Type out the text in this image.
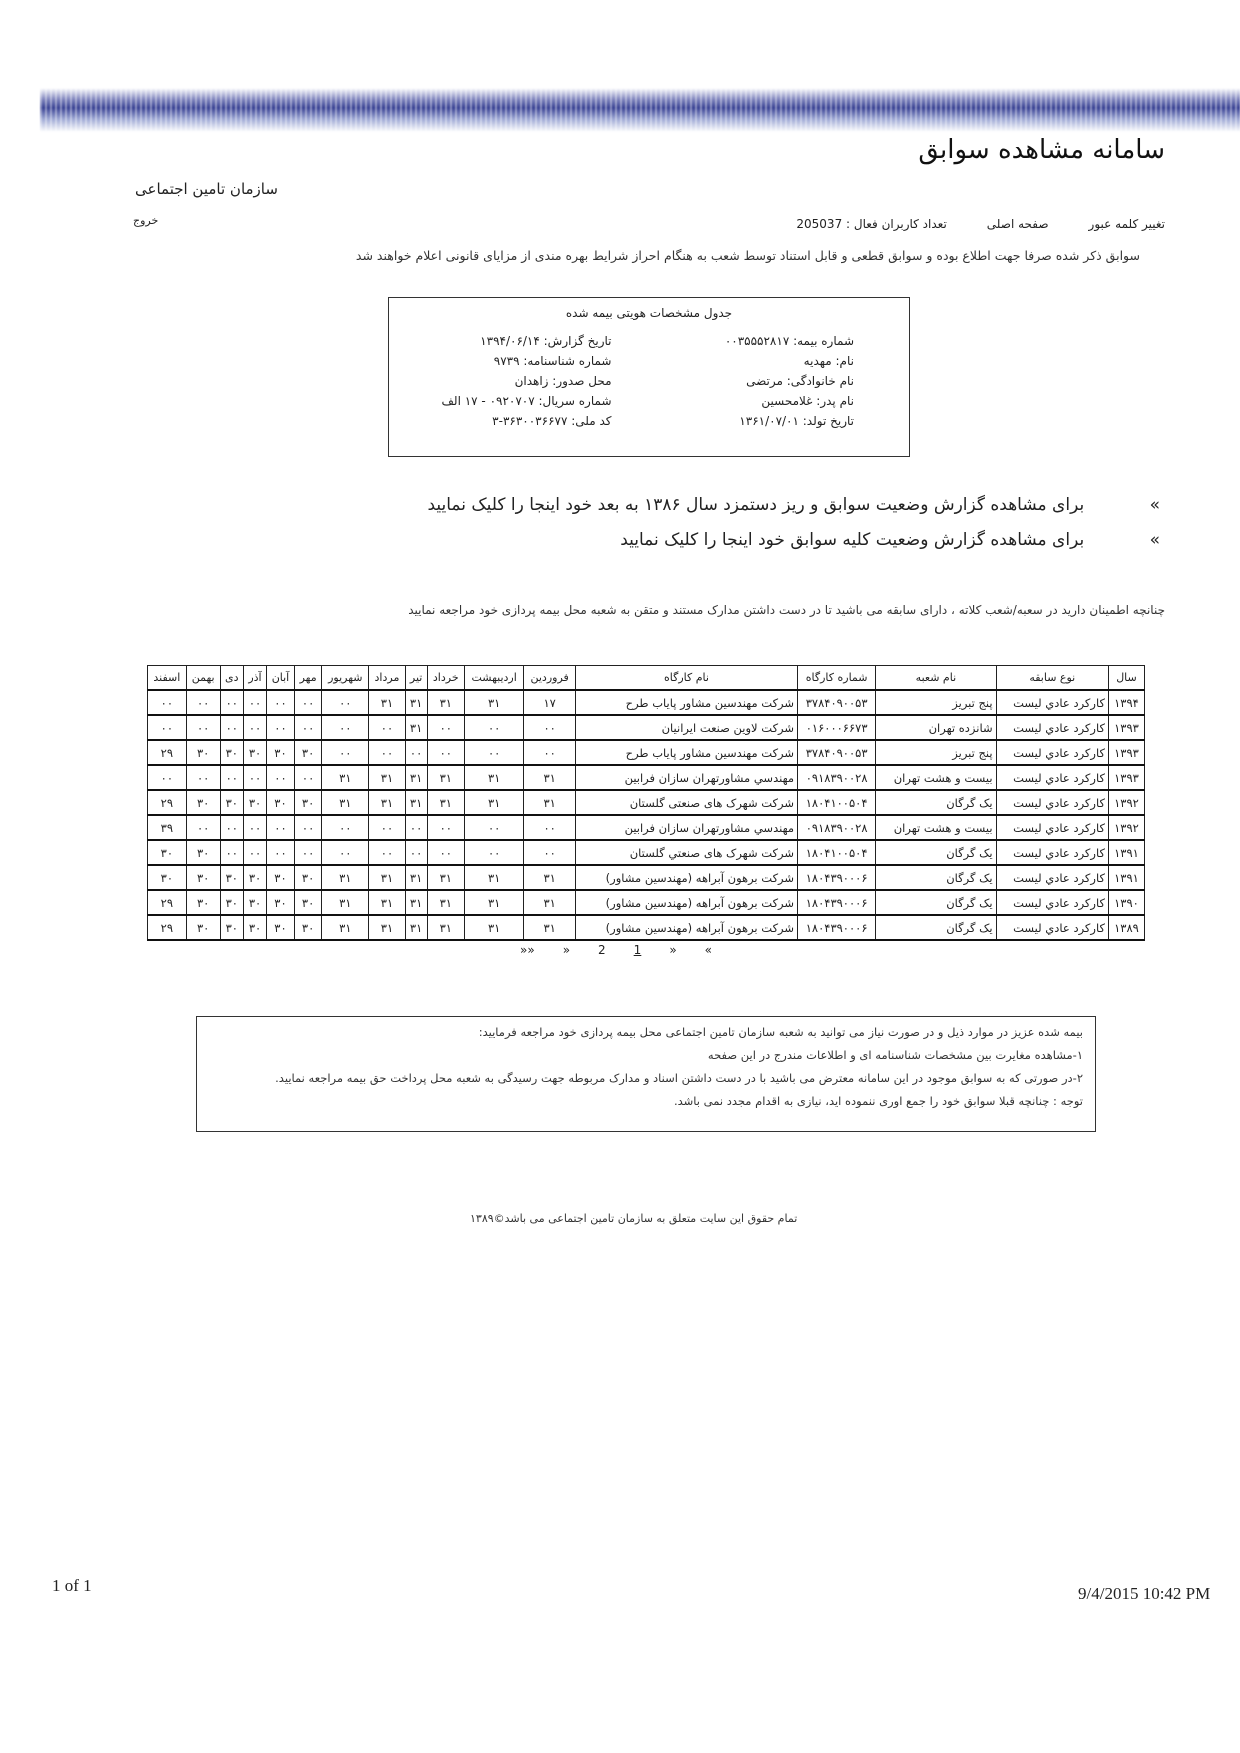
سامانه مشاهده سوابق
سازمان تامین اجتماعی
خروج	تغییر کلمه عبور
صفحه اصلی
تعداد کاربران فعال : 205037
سوابق ذکر شده صرفا جهت اطلاع بوده و سوابق قطعی و قابل استناد توسط شعب به هنگام احراز شرایط بهره مندی از مزایای قانونی اعلام خواهند شد
جدول مشخصات هویتی بیمه شده
شماره بیمه: ۰۰۳۵۵۵۲۸۱۷
تاریخ گزارش: ۱۳۹۴/۰۶/۱۴
نام: مهدیه
شماره شناسنامه: ۹۷۳۹
نام خانوادگی: مرتضی
محل صدور: زاهدان
نام پدر: غلامحسین
شماره سریال: ۰۹۲۰۷۰۷ - ۱۷ الف
تاریخ تولد: ۱۳۶۱/۰۷/۰۱
کد ملی: ۳۶۳۰۰۳۶۶۷۷-۳
» برای مشاهده گزارش وضعیت سوابق و ریز دستمزد سال ۱۳۸۶ به بعد خود اینجا را کلیک نمایید
» برای مشاهده گزارش وضعیت کلیه سوابق خود اینجا را کلیک نمایید
چنانچه اطمینان دارید در سعبه/شعب کلاته ، دارای سابقه می باشید تا در دست داشتن مدارک مستند و متقن به شعبه محل بیمه پردازی خود مراجعه نمایید
سال	نوع سابقه	نام شعبه	شماره کارگاه	نام کارگاه	فروردین	اردیبهشت	خرداد	تیر	مرداد	شهریور	مهر	آبان	آذر	دی	بهمن	اسفند
۱۳۹۴	کارکرد عادي ليست	پنج تبریز	۳۷۸۴۰۹۰۰۵۳	شرکت مهندسین مشاور پایاب طرح	۱۷	۳۱	۳۱	۳۱	۳۱	۰۰	۰۰	۰۰	۰۰	۰۰	۰۰	۰۰
۱۳۹۳	کارکرد عادي ليست	شانزده تهران	۰۱۶۰۰۰۶۶۷۳	شرکت لاوین صنعت ایرانیان	۰۰	۰۰	۰۰	۳۱	۰۰	۰۰	۰۰	۰۰	۰۰	۰۰	۰۰	۰۰
۱۳۹۳	کارکرد عادي ليست	پنج تبریز	۳۷۸۴۰۹۰۰۵۳	شرکت مهندسین مشاور پایاب طرح	۰۰	۰۰	۰۰	۰۰	۰۰	۰۰	۳۰	۳۰	۳۰	۳۰	۳۰	۲۹
۱۳۹۳	کارکرد عادي ليست	بیست و هشت تهران	۰۹۱۸۳۹۰۰۲۸	مهندسي مشاورتهران سازان فرابين	۳۱	۳۱	۳۱	۳۱	۳۱	۳۱	۰۰	۰۰	۰۰	۰۰	۰۰	۰۰
۱۳۹۲	کارکرد عادي ليست	یک گرگان	۱۸۰۴۱۰۰۵۰۴	شرکت شهرک های صنعتی گلستان	۳۱	۳۱	۳۱	۳۱	۳۱	۳۱	۳۰	۳۰	۳۰	۳۰	۳۰	۲۹
۱۳۹۲	کارکرد عادي ليست	بیست و هشت تهران	۰۹۱۸۳۹۰۰۲۸	مهندسي مشاورتهران سازان فرابين	۰۰	۰۰	۰۰	۰۰	۰۰	۰۰	۰۰	۰۰	۰۰	۰۰	۰۰	۳۹
۱۳۹۱	کارکرد عادي ليست	یک گرگان	۱۸۰۴۱۰۰۵۰۴	شرکت شهرک های صنعتي گلستان	۰۰	۰۰	۰۰	۰۰	۰۰	۰۰	۰۰	۰۰	۰۰	۰۰	۳۰	۳۰
۱۳۹۱	کارکرد عادي ليست	یک گرگان	۱۸۰۴۳۹۰۰۰۶	شرکت برهون آبراهه (مهندسین مشاور)	۳۱	۳۱	۳۱	۳۱	۳۱	۳۱	۳۰	۳۰	۳۰	۳۰	۳۰	۳۰
۱۳۹۰	کارکرد عادي ليست	یک گرگان	۱۸۰۴۳۹۰۰۰۶	شرکت برهون آبراهه (مهندسین مشاور)	۳۱	۳۱	۳۱	۳۱	۳۱	۳۱	۳۰	۳۰	۳۰	۳۰	۳۰	۲۹
۱۳۸۹	کارکرد عادي ليست	یک گرگان	۱۸۰۴۳۹۰۰۰۶	شرکت برهون آبراهه (مهندسین مشاور)	۳۱	۳۱	۳۱	۳۱	۳۱	۳۱	۳۰	۳۰	۳۰	۳۰	۳۰	۲۹
»» » 2 1 » «
بیمه شده عزیز در موارد ذیل و در صورت نیاز می توانید به شعبه سازمان تامین اجتماعی محل بیمه پردازی خود مراجعه فرمایید:
۱-مشاهده مغایرت بین مشخصات شناسنامه ای و اطلاعات مندرج در این صفحه
۲-در صورتی که به سوابق موجود در این سامانه معترض می باشید با در دست داشتن اسناد و مدارک مربوطه جهت رسیدگی به شعبه محل پرداخت حق بیمه مراجعه نمایید.
توجه : چنانچه قبلا سوابق خود را جمع اوری ننموده اید، نیازی به اقدام مجدد نمی باشد.
تمام حقوق این سایت متعلق به سازمان تامین اجتماعی می باشد©۱۳۸۹
1 of 1	9/4/2015 10:42 PM
